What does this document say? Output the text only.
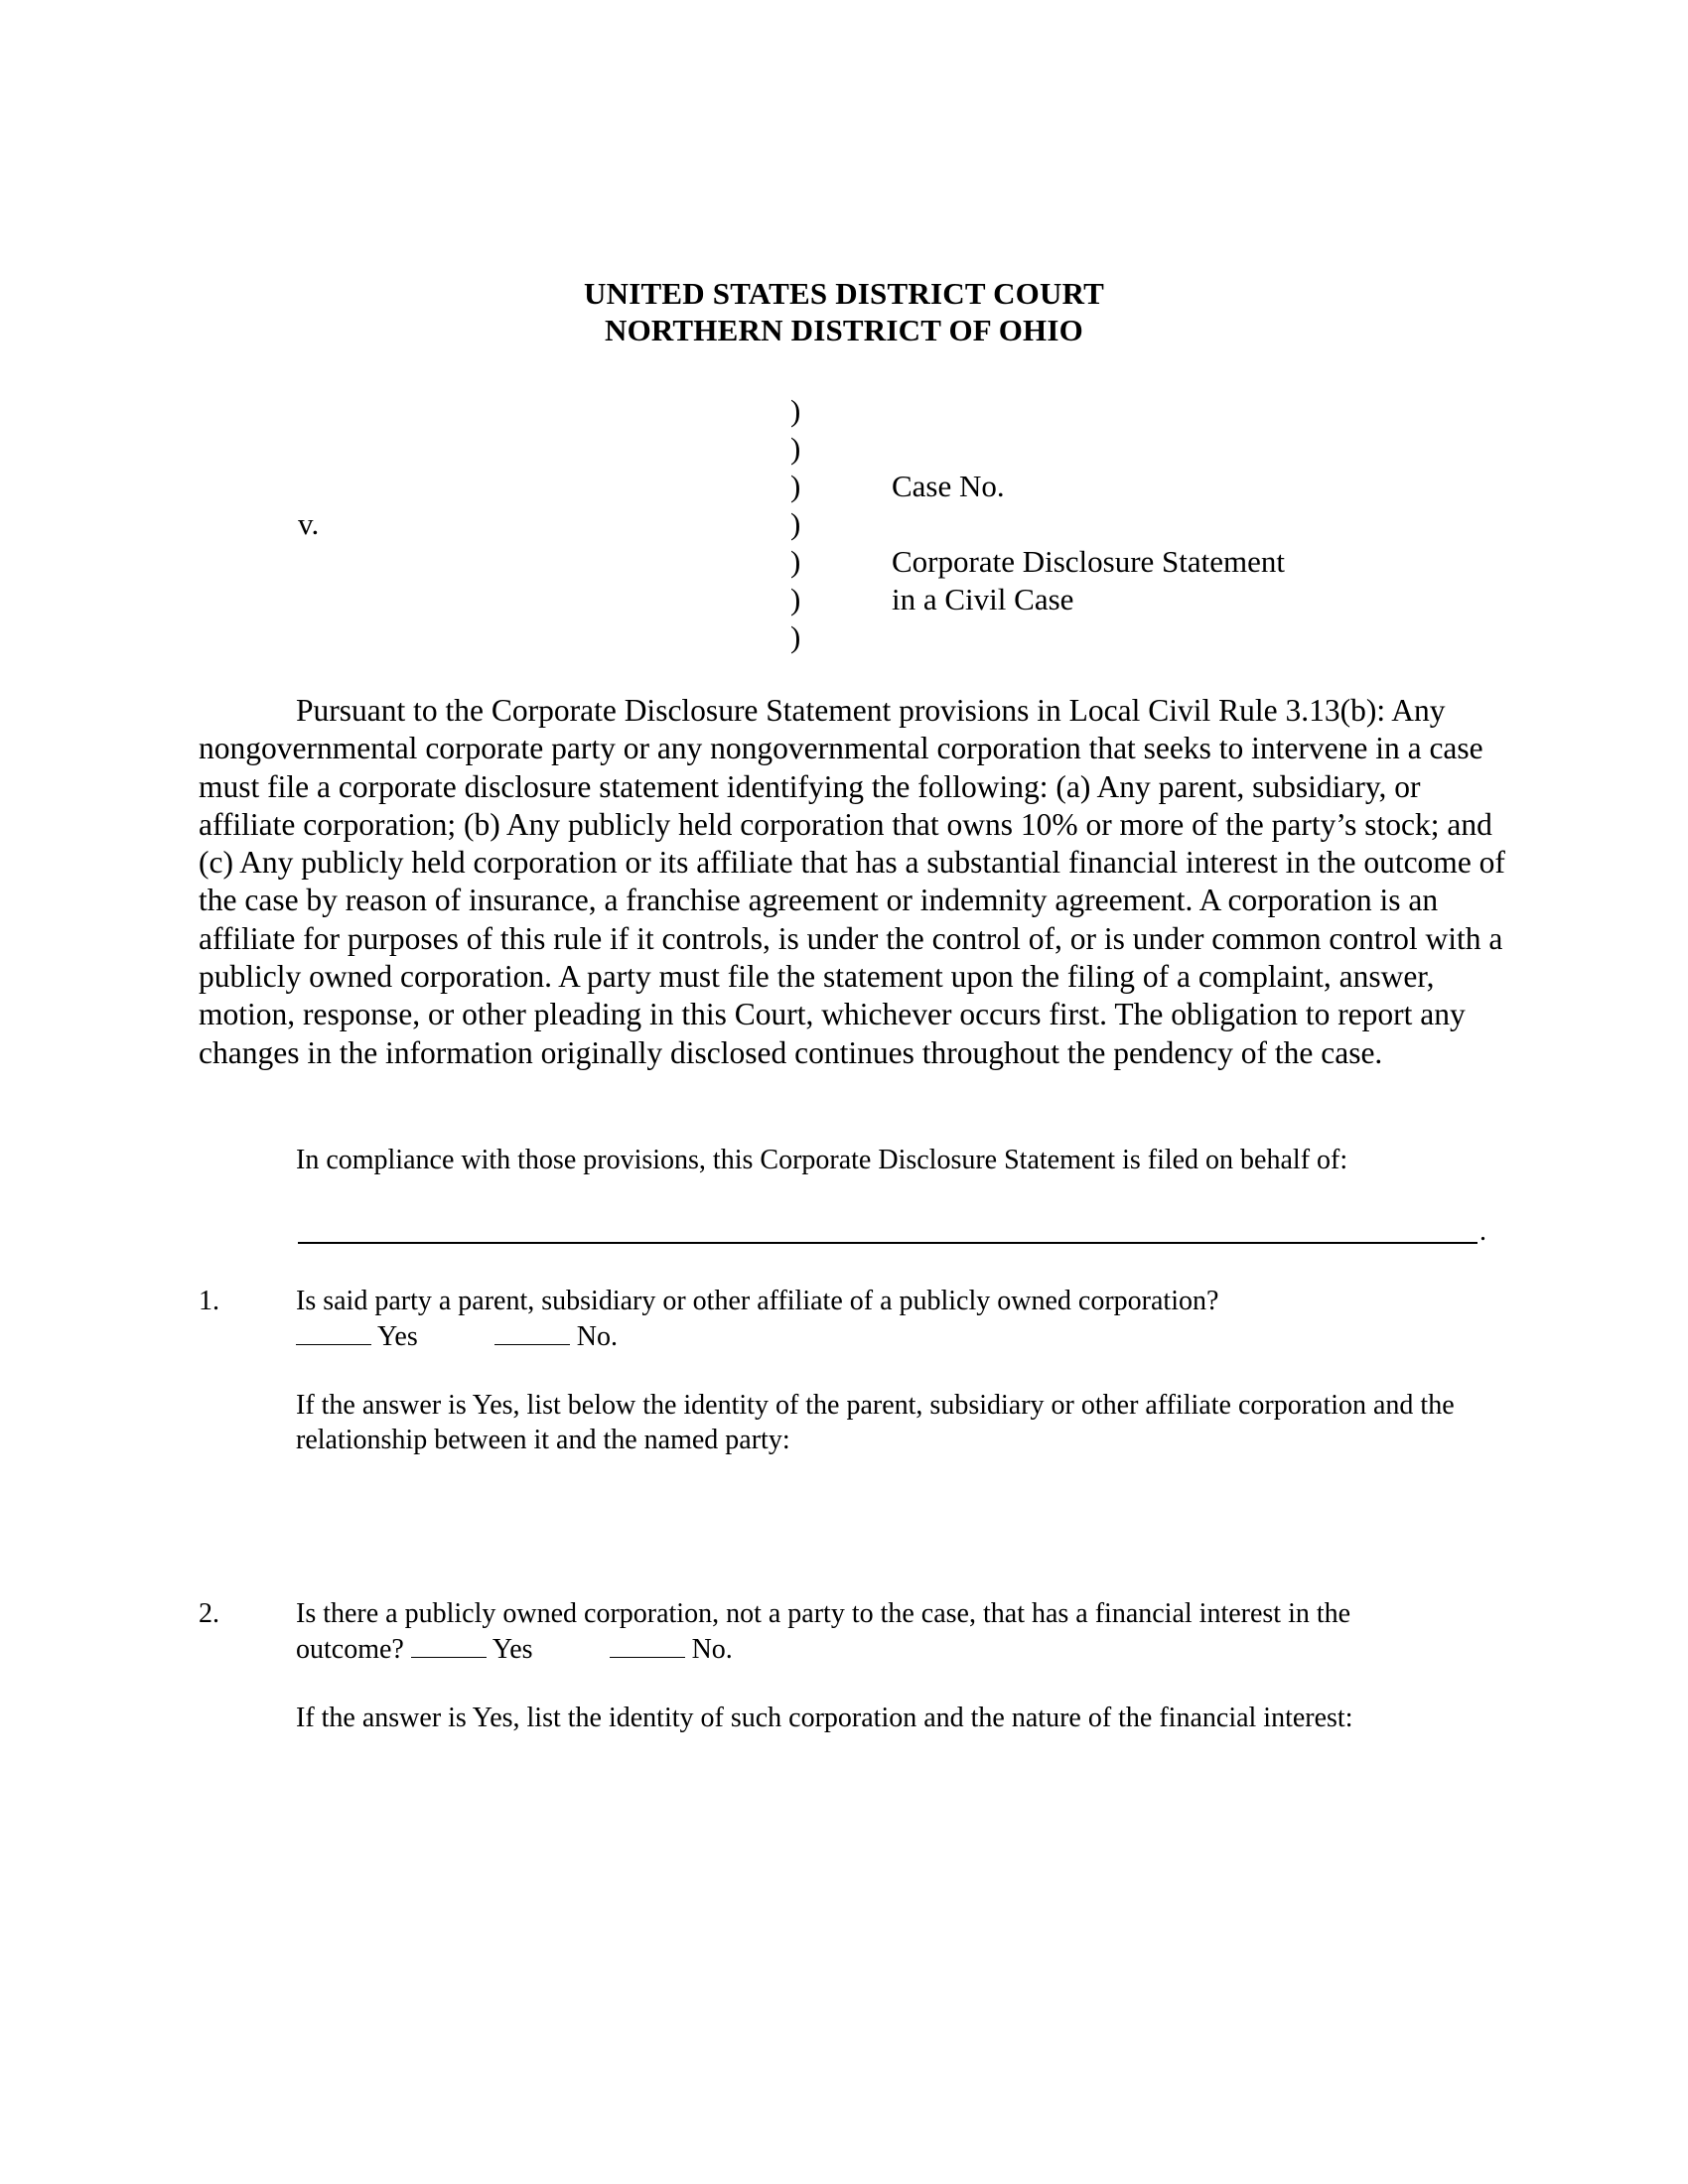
UNITED STATES DISTRICT COURT
NORTHERN DISTRICT OF OHIO
)
)
)
)
)
)
)
v.
Case No.
Corporate Disclosure Statement
in a Civil Case
Pursuant to the Corporate Disclosure Statement provisions in Local Civil Rule 3.13(b): Any nongovernmental corporate party or any nongovernmental corporation that seeks to intervene in a case must file a corporate disclosure statement identifying the following: (a) Any parent, subsidiary, or affiliate corporation; (b) Any publicly held corporation that owns 10% or more of the party’s stock; and (c) Any publicly held corporation or its affiliate that has a substantial financial interest in the outcome of the case by reason of insurance, a franchise agreement or indemnity agreement. A corporation is an affiliate for purposes of this rule if it controls, is under the control of, or is under common control with a publicly owned corporation. A party must file the statement upon the filing of a complaint, answer, motion, response, or other pleading in this Court, whichever occurs first. The obligation to report any changes in the information originally disclosed continues throughout the pendency of the case.
In compliance with those provisions, this Corporate Disclosure Statement is filed on behalf of:
.
1.	Is said party a parent, subsidiary or other affiliate of a publicly owned corporation?
Yes	No.
If the answer is Yes, list below the identity of the parent, subsidiary or other affiliate corporation and the relationship between it and the named party:
2.	Is there a publicly owned corporation, not a party to the case, that has a financial interest in the
outcome?	Yes	No.
If the answer is Yes, list the identity of such corporation and the nature of the financial interest:
